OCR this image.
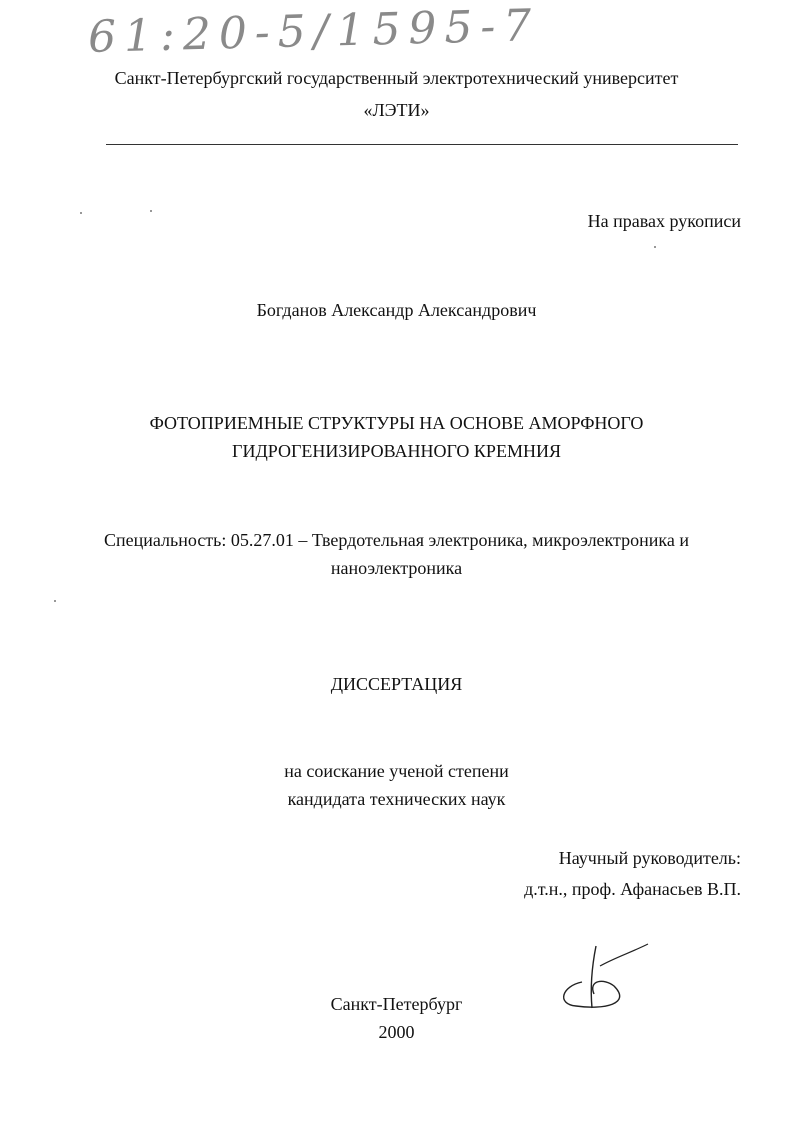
61:20-5/1595-7
Санкт-Петербургский государственный электротехнический университет
«ЛЭТИ»
На правах рукописи
Богданов Александр Александрович
ФОТОПРИЕМНЫЕ СТРУКТУРЫ НА ОСНОВЕ АМОРФНОГО
ГИДРОГЕНИЗИРОВАННОГО КРЕМНИЯ
Специальность: 05.27.01 – Твердотельная электроника, микроэлектроника и
наноэлектроника
ДИССЕРТАЦИЯ
на соискание ученой степени
кандидата технических наук
Научный руководитель:
д.т.н., проф. Афанасьев В.П.
Санкт-Петербург
2000
